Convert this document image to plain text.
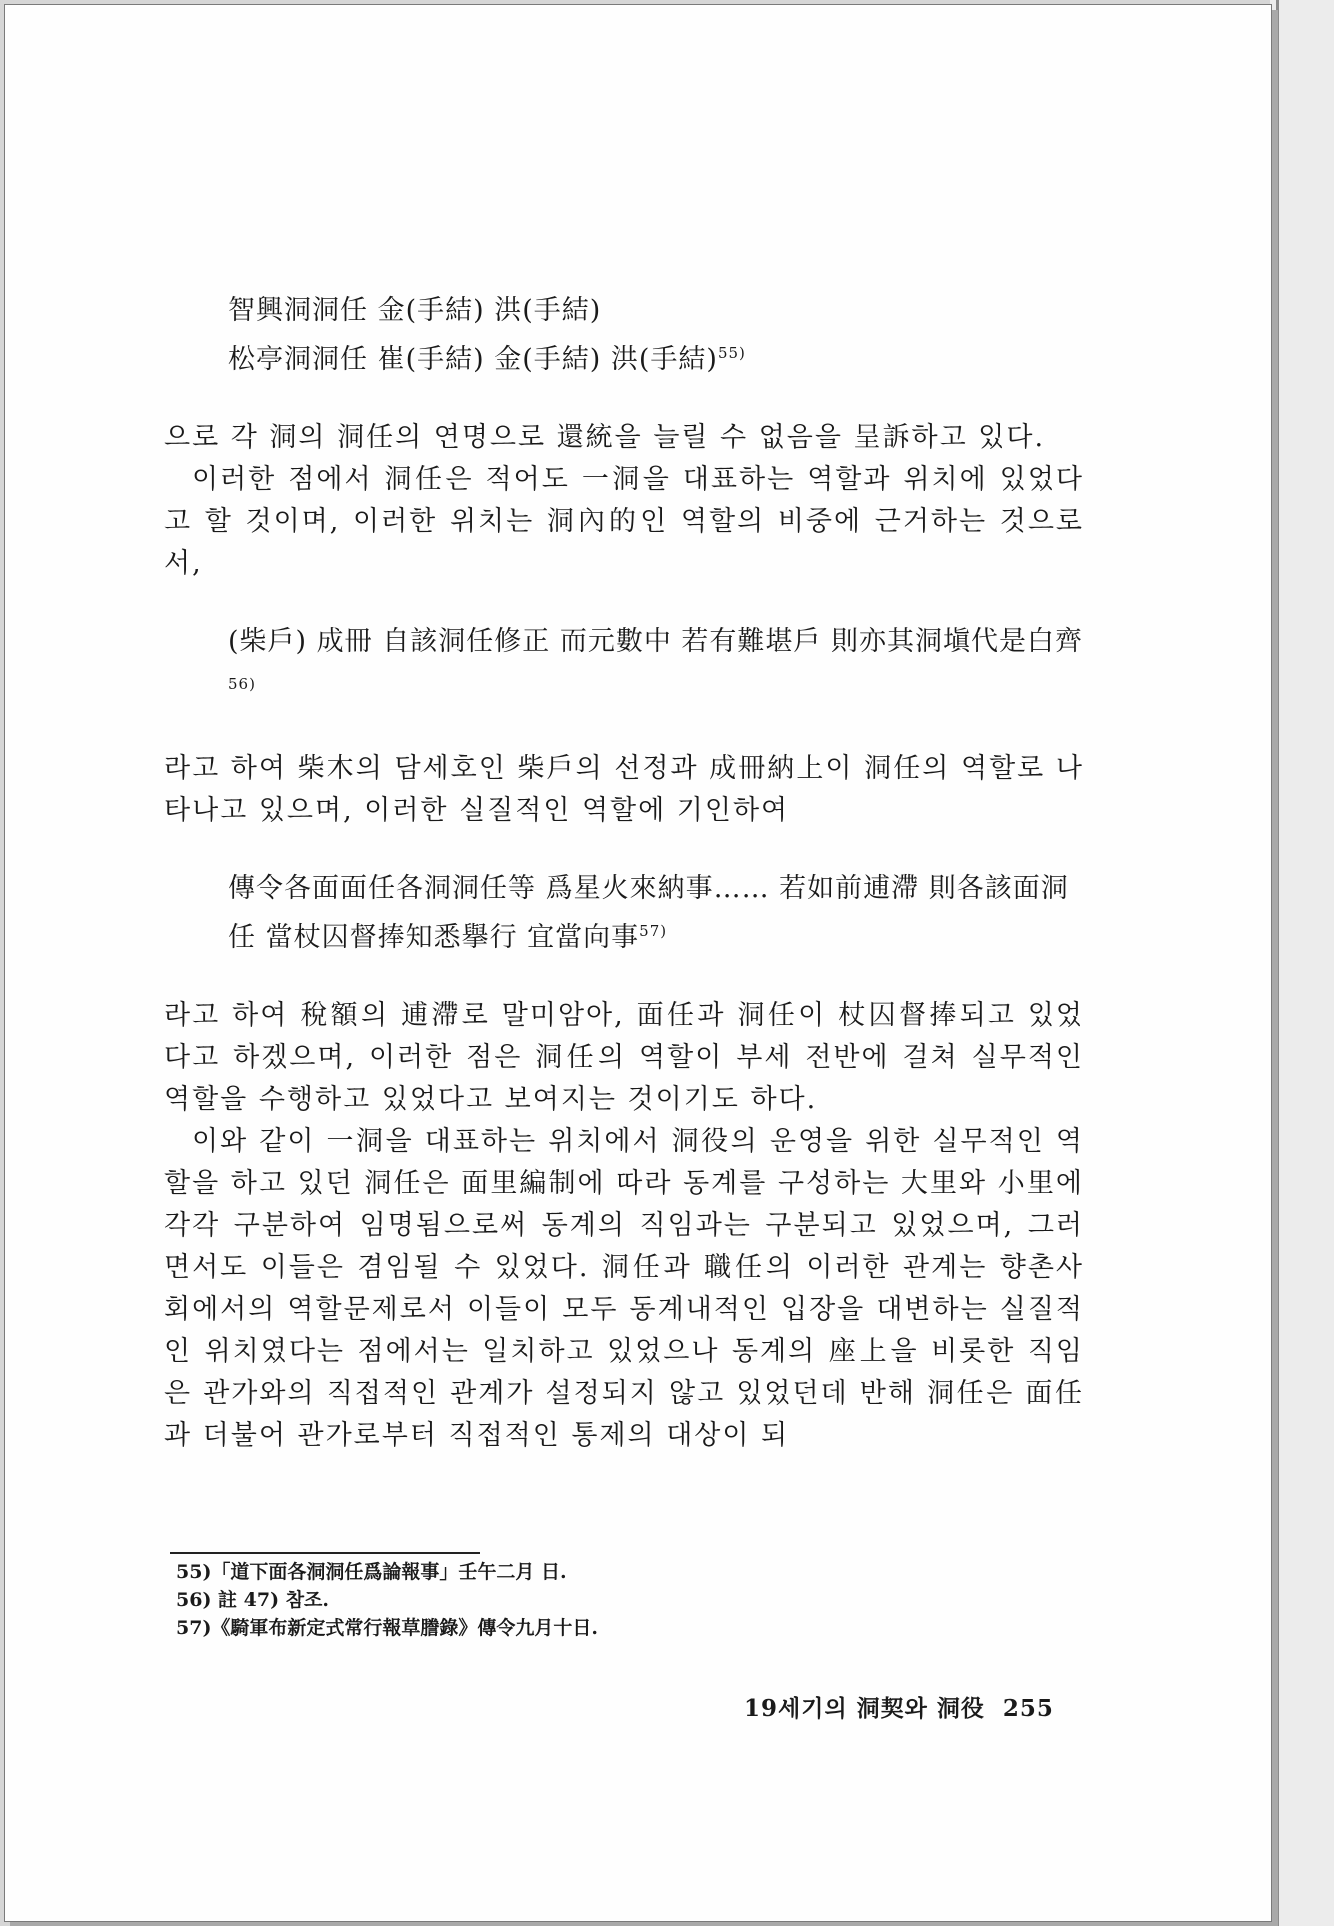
智興洞洞任 金(手結) 洪(手結)
松亭洞洞任 崔(手結) 金(手結) 洪(手結)$^{55)}$
으로 각 洞의 洞任의 연명으로 還統을 늘릴 수 없음을 呈訴하고 있다.
이러한 점에서 洞任은 적어도 一洞을 대표하는 역할과 위치에 있었다고 할 것이며, 이러한 위치는 洞內的인 역할의 비중에 근거하는 것으로서,
(柴戶) 成冊 自該洞任修正 而元數中 若有難堪戶 則亦其洞塡代是白齊$^{56)}$
라고 하여 柴木의 담세호인 柴戶의 선정과 成冊納上이 洞任의 역할로 나타나고 있으며, 이러한 실질적인 역할에 기인하여
傳令各面面任各洞洞任等 爲星火來納事…… 若如前逋滯 則各該面洞任 當杖囚督捧知悉擧行 宜當向事$^{57)}$
라고 하여 稅額의 逋滯로 말미암아, 面任과 洞任이 杖囚督捧되고 있었다고 하겠으며, 이러한 점은 洞任의 역할이 부세 전반에 걸쳐 실무적인 역할을 수행하고 있었다고 보여지는 것이기도 하다.
이와 같이 一洞을 대표하는 위치에서 洞役의 운영을 위한 실무적인 역할을 하고 있던 洞任은 面里編制에 따라 동계를 구성하는 大里와 小里에 각각 구분하여 임명됨으로써 동계의 직임과는 구분되고 있었으며, 그러면서도 이들은 겸임될 수 있었다. 洞任과 職任의 이러한 관계는 향촌사회에서의 역할문제로서 이들이 모두 동계내적인 입장을 대변하는 실질적인 위치였다는 점에서는 일치하고 있었으나 동계의 座上을 비롯한 직임은 관가와의 직접적인 관계가 설정되지 않고 있었던데 반해 洞任은 面任과 더불어 관가로부터 직접적인 통제의 대상이 되
55)「道下面各洞洞任爲論報事」壬午二月 日.
56) 註 47) 참조.
57)《騎軍布新定式常行報草謄錄》傳令九月十日.
19세기의 洞契와 洞役 255
